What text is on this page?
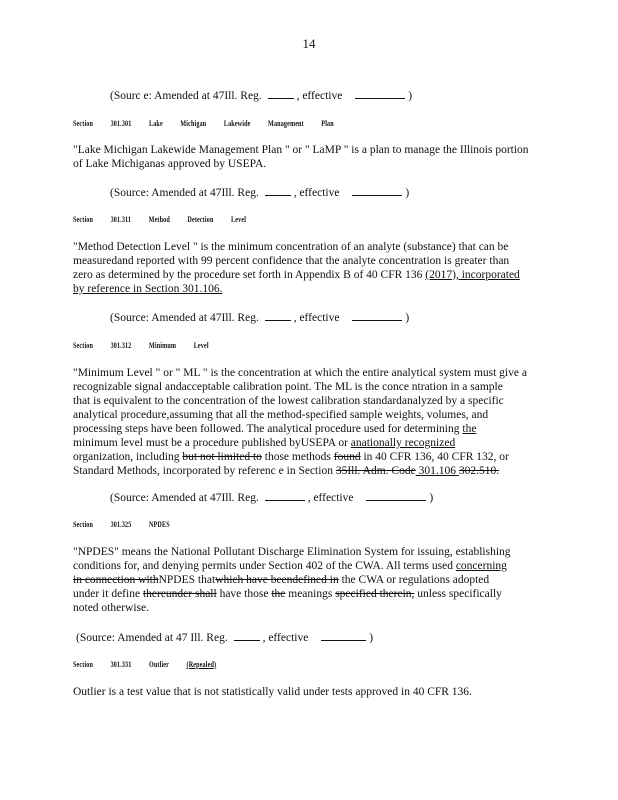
14
(Sourc e: Amended at 47Ill. Reg.	, effective	)
Section 301.301 Lake Michigan Lakewide Management Plan
"Lake Michigan Lakewide Management Plan " or " LaMP " is a plan to manage the Illinois portion
of Lake Michiganas approved by USEPA.
(Source: Amended at 47Ill. Reg.	, effective	)
Section 301.311 Method Detection Level
"Method Detection Level " is the minimum concentration of an analyte (substance) that can be
measuredand reported with 99 percent confidence that the analyte concentration is greater than
zero as determined by the procedure set forth in Appendix B of 40 CFR 136 (2017), incorporated
by reference in Section 301.106.
(Source: Amended at 47Ill. Reg.	, effective	)
Section 301.312 Minimum Level
"Minimum Level " or " ML " is the concentration at which the entire analytical system must give a
recognizable signal andacceptable calibration point. The ML is the conce ntration in a sample
that is equivalent to the concentration of the lowest calibration standardanalyzed by a specific
analytical procedure,assuming that all the method-specified sample weights, volumes, and
processing steps have been followed. The analytical procedure used for determining the
minimum level must be a procedure published byUSEPA or anationally recognized
organization, including but not limited to those methods found in 40 CFR 136, 40 CFR 132, or
Standard Methods, incorporated by referenc e in Section 35Ill. Adm. Code 301.106 302.510.
(Source: Amended at 47Ill. Reg.	, effective	)
Section 301.325 NPDES
"NPDES" means the National Pollutant Discharge Elimination System for issuing, establishing
conditions for, and denying permits under Section 402 of the CWA. All terms used concerning
in connection withNPDES thatwhich have beendefined in the CWA or regulations adopted
under it define thereunder shall have those the meanings specified therein, unless specifically
noted otherwise.
(Source: Amended at 47 Ill. Reg.	, effective	)
Section 301.331 Outlier (Repealed)
Outlier is a test value that is not statistically valid under tests approved in 40 CFR 136.
